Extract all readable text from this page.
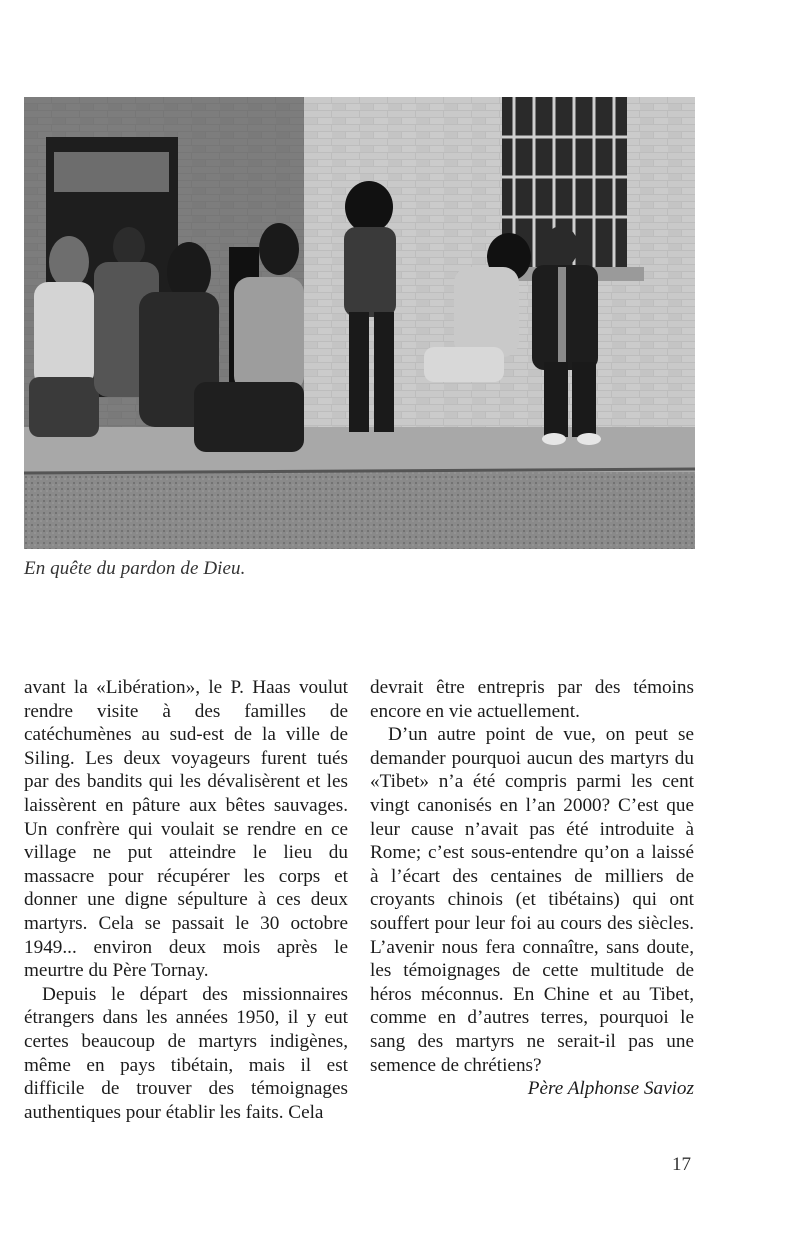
En quête du pardon de Dieu.

avant la «Libération», le P. Haas voulut rendre visite à des familles de catéchumènes au sud-est de la ville de Siling. Les deux voyageurs furent tués par des bandits qui les dévalisèrent et les laissèrent en pâture aux bêtes sauvages. Un confrère qui voulait se rendre en ce village ne put atteindre le lieu du massacre pour récupérer les corps et donner une digne sépulture à ces deux martyrs. Cela se passait le 30 octobre 1949... environ deux mois après le meurtre du Père Tornay.

Depuis le départ des missionnaires étrangers dans les années 1950, il y eut certes beaucoup de martyrs indigènes, même en pays tibétain, mais il est difficile de trouver des témoignages authentiques pour établir les faits. Cela

devrait être entrepris par des témoins encore en vie actuellement.

D’un autre point de vue, on peut se demander pourquoi aucun des martyrs du «Tibet» n’a été compris parmi les cent vingt canonisés en l’an 2000? C’est que leur cause n’avait pas été introduite à Rome; c’est sous-entendre qu’on a laissé à l’écart des centaines de milliers de croyants chinois (et tibétains) qui ont souffert pour leur foi au cours des siècles. L’avenir nous fera connaître, sans doute, les témoignages de cette multitude de héros méconnus. En Chine et au Tibet, comme en d’autres terres, pourquoi le sang des martyrs ne serait-il pas une semence de chrétiens?

Père Alphonse Savioz

17
